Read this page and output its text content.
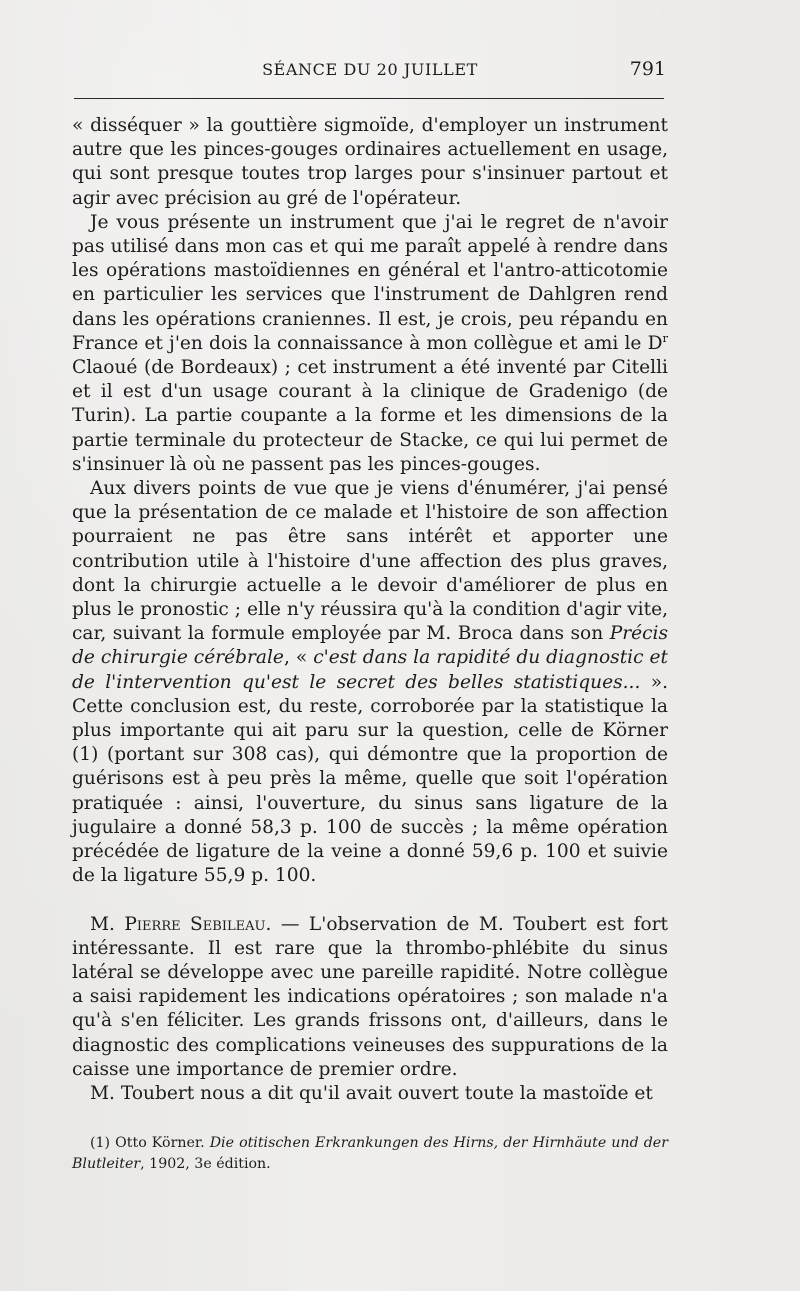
SÉANCE DU 20 JUILLET	791

« disséquer » la gouttière sigmoïde, d'employer un instrument autre que les pinces-gouges ordinaires actuellement en usage, qui sont presque toutes trop larges pour s'insinuer partout et agir avec précision au gré de l'opérateur.

Je vous présente un instrument que j'ai le regret de n'avoir pas utilisé dans mon cas et qui me paraît appelé à rendre dans les opérations mastoïdiennes en général et l'antro-atticotomie en particulier les services que l'instrument de Dahlgren rend dans les opérations craniennes. Il est, je crois, peu répandu en France et j'en dois la connaissance à mon collègue et ami le $D^r$ Claoué (de Bordeaux) ; cet instrument a été inventé par Citelli et il est d'un usage courant à la clinique de Gradenigo (de Turin). La partie coupante a la forme et les dimensions de la partie terminale du protecteur de Stacke, ce qui lui permet de s'insinuer là où ne passent pas les pinces-gouges.

Aux divers points de vue que je viens d'énumérer, j'ai pensé que la présentation de ce malade et l'histoire de son affection pourraient ne pas être sans intérêt et apporter une contribution utile à l'histoire d'une affection des plus graves, dont la chirurgie actuelle a le devoir d'améliorer de plus en plus le pronostic ; elle n'y réussira qu'à la condition d'agir vite, car, suivant la formule employée par M. Broca dans son Précis de chirurgie cérébrale, « c'est dans la rapidité du diagnostic et de l'intervention qu'est le secret des belles statistiques... ». Cette conclusion est, du reste, corroborée par la statistique la plus importante qui ait paru sur la question, celle de Körner (1) (portant sur 308 cas), qui démontre que la proportion de guérisons est à peu près la même, quelle que soit l'opération pratiquée : ainsi, l'ouverture, du sinus sans ligature de la jugulaire a donné 58,3 p. 100 de succès ; la même opération précédée de ligature de la veine a donné 59,6 p. 100 et suivie de la ligature 55,9 p. 100.

M. Pierre Sebileau. — L'observation de M. Toubert est fort intéressante. Il est rare que la thrombo-phlébite du sinus latéral se développe avec une pareille rapidité. Notre collègue a saisi rapidement les indications opératoires ; son malade n'a qu'à s'en féliciter. Les grands frissons ont, d'ailleurs, dans le diagnostic des complications veineuses des suppurations de la caisse une importance de premier ordre.

M. Toubert nous a dit qu'il avait ouvert toute la mastoïde et

(1) Otto Körner. Die otitischen Erkrankungen des Hirns, der Hirnhäute und der Blutleiter, 1902, 3e édition.
